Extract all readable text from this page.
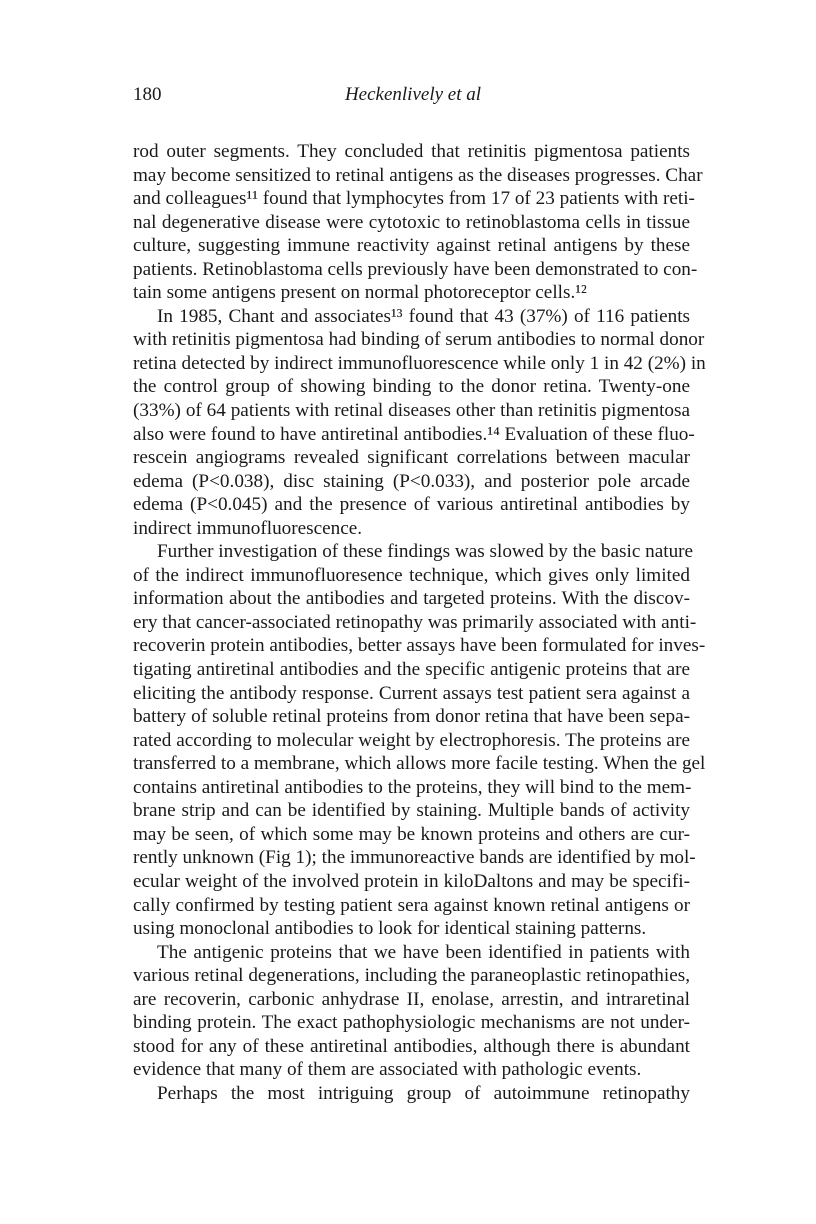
180	Heckenlively et al
rod outer segments. They concluded that retinitis pigmentosa patients
may become sensitized to retinal antigens as the diseases progresses. Char
and colleagues¹¹ found that lymphocytes from 17 of 23 patients with reti-
nal degenerative disease were cytotoxic to retinoblastoma cells in tissue
culture, suggesting immune reactivity against retinal antigens by these
patients. Retinoblastoma cells previously have been demonstrated to con-
tain some antigens present on normal photoreceptor cells.¹²
In 1985, Chant and associates¹³ found that 43 (37%) of 116 patients
with retinitis pigmentosa had binding of serum antibodies to normal donor
retina detected by indirect immunofluorescence while only 1 in 42 (2%) in
the control group of showing binding to the donor retina. Twenty-one
(33%) of 64 patients with retinal diseases other than retinitis pigmentosa
also were found to have antiretinal antibodies.¹⁴ Evaluation of these fluo-
rescein angiograms revealed significant correlations between macular
edema (P<0.038), disc staining (P<0.033), and posterior pole arcade
edema (P<0.045) and the presence of various antiretinal antibodies by
indirect immunofluorescence.
Further investigation of these findings was slowed by the basic nature
of the indirect immunofluoresence technique, which gives only limited
information about the antibodies and targeted proteins. With the discov-
ery that cancer-associated retinopathy was primarily associated with anti-
recoverin protein antibodies, better assays have been formulated for inves-
tigating antiretinal antibodies and the specific antigenic proteins that are
eliciting the antibody response. Current assays test patient sera against a
battery of soluble retinal proteins from donor retina that have been sepa-
rated according to molecular weight by electrophoresis. The proteins are
transferred to a membrane, which allows more facile testing. When the gel
contains antiretinal antibodies to the proteins, they will bind to the mem-
brane strip and can be identified by staining. Multiple bands of activity
may be seen, of which some may be known proteins and others are cur-
rently unknown (Fig 1); the immunoreactive bands are identified by mol-
ecular weight of the involved protein in kiloDaltons and may be specifi-
cally confirmed by testing patient sera against known retinal antigens or
using monoclonal antibodies to look for identical staining patterns.
The antigenic proteins that we have been identified in patients with
various retinal degenerations, including the paraneoplastic retinopathies,
are recoverin, carbonic anhydrase II, enolase, arrestin, and intraretinal
binding protein. The exact pathophysiologic mechanisms are not under-
stood for any of these antiretinal antibodies, although there is abundant
evidence that many of them are associated with pathologic events.
Perhaps the most intriguing group of autoimmune retinopathy
